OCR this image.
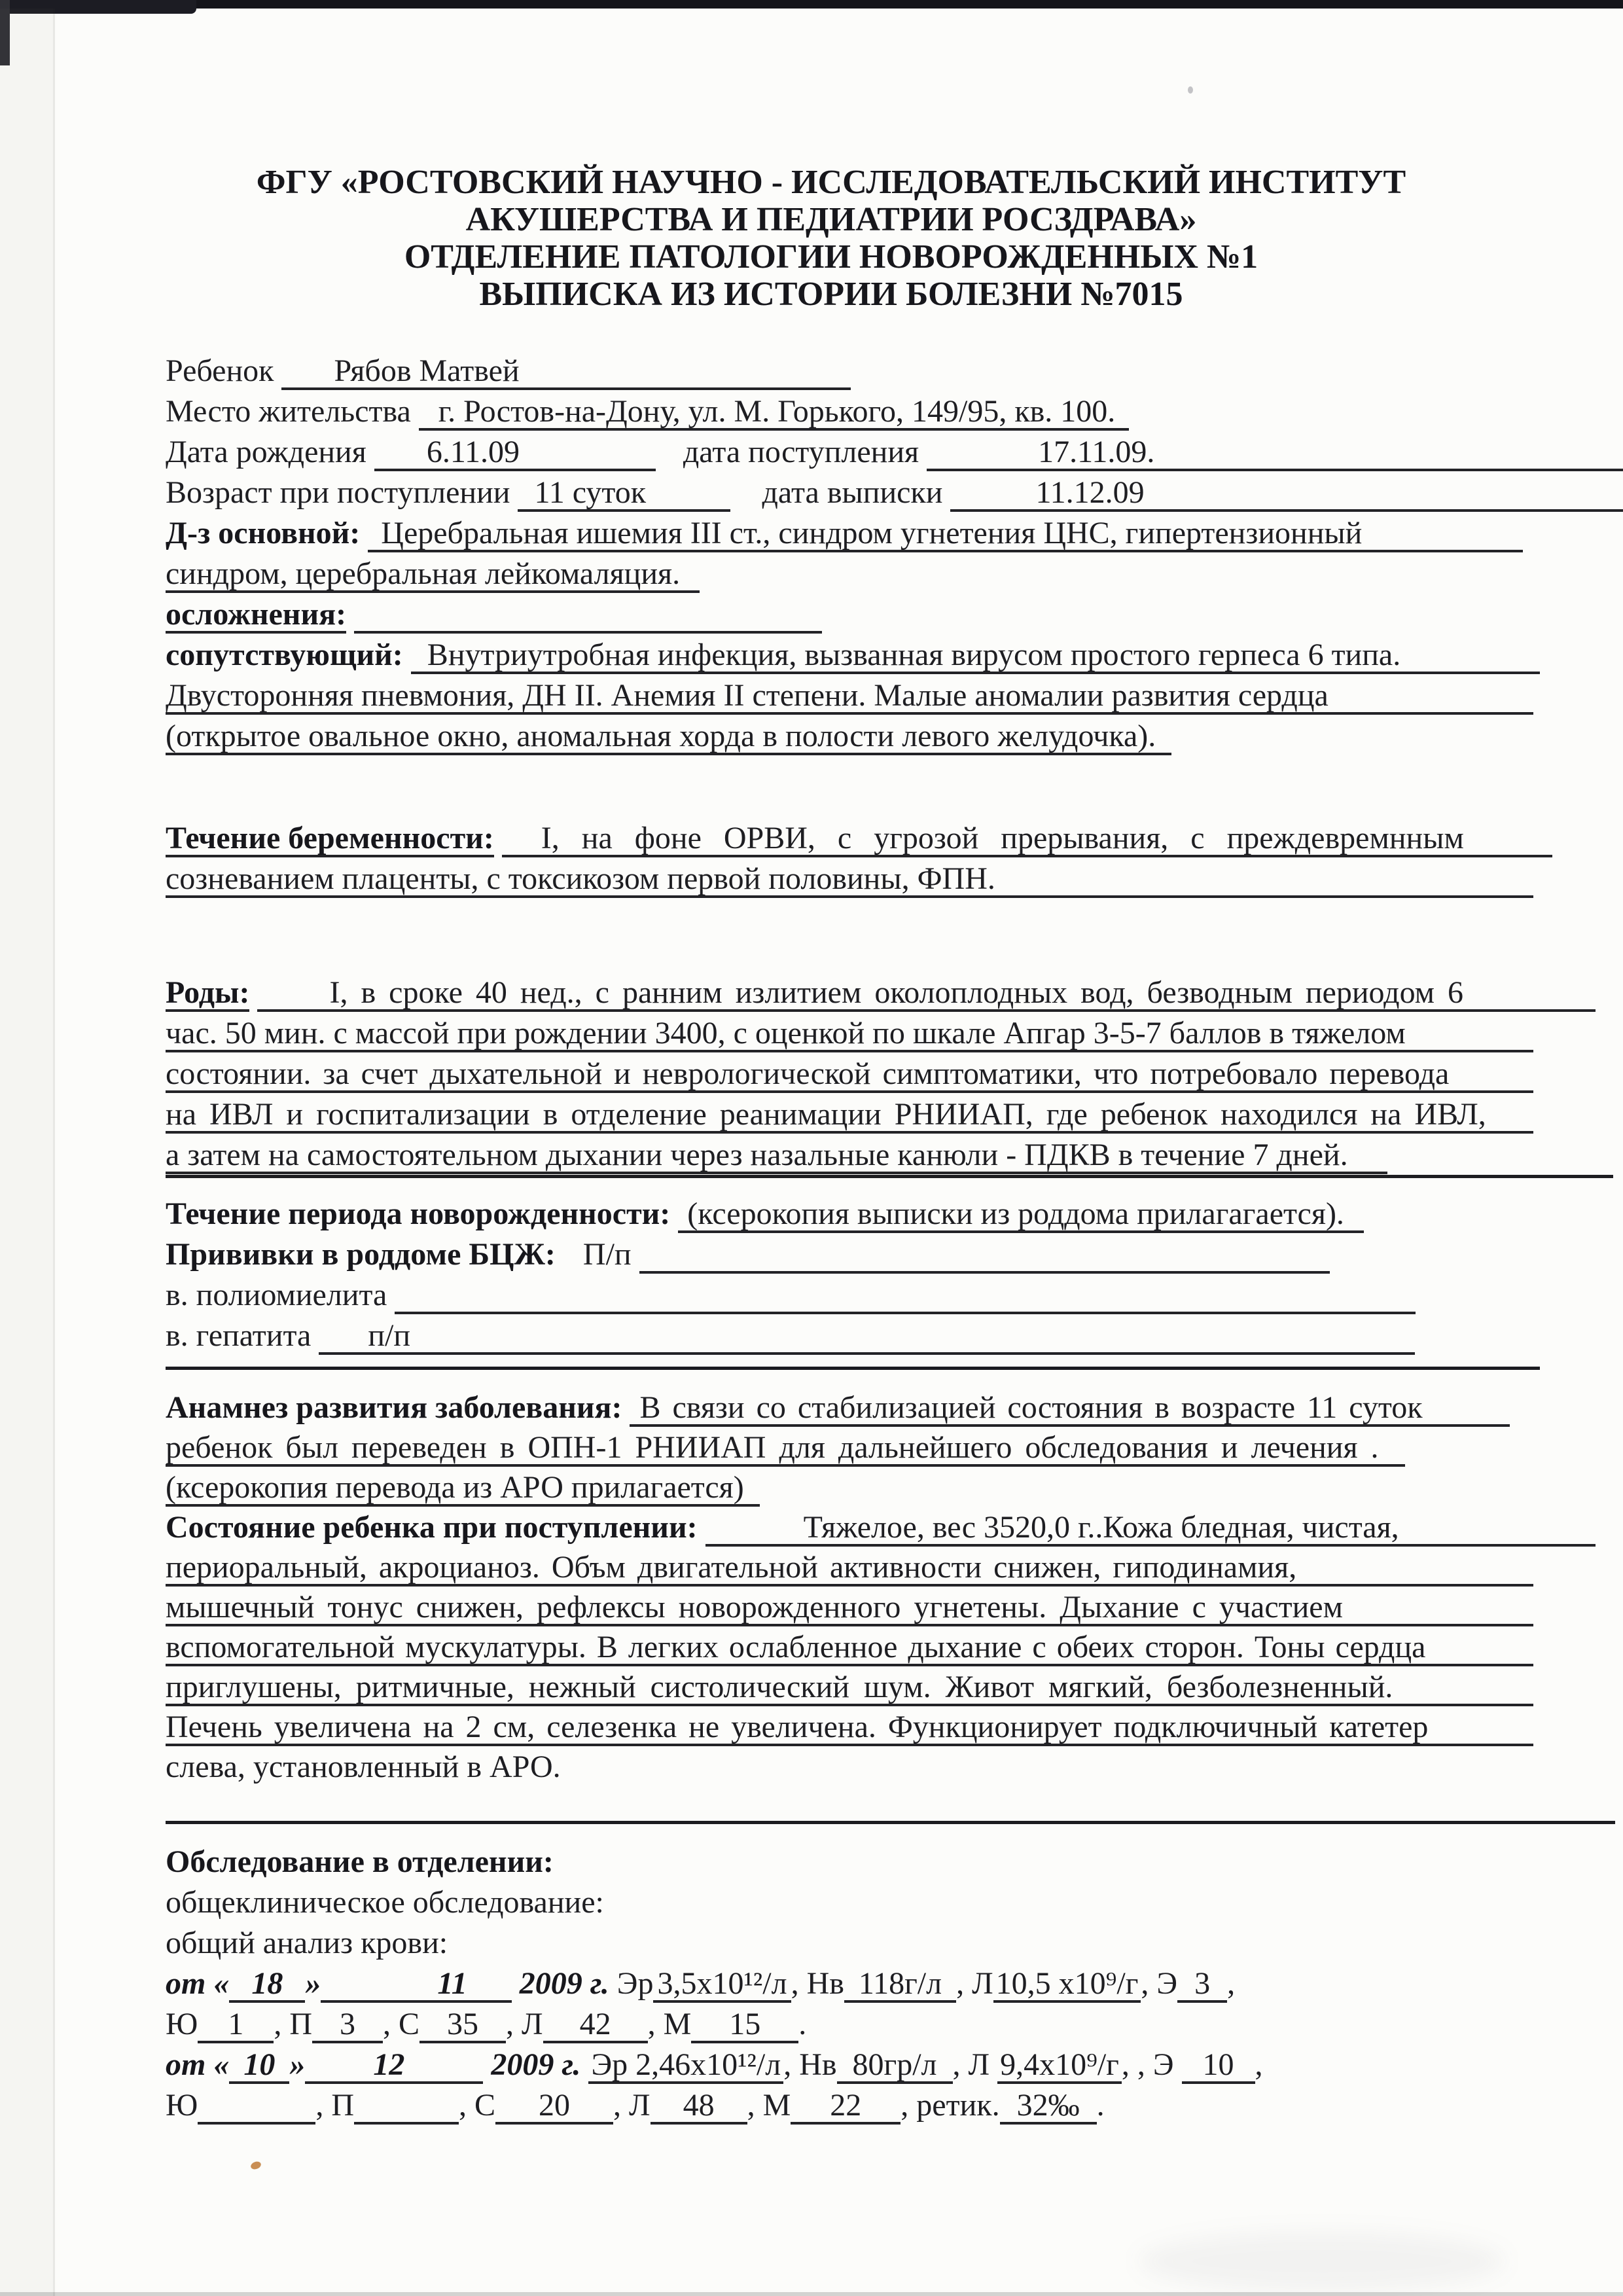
ФГУ «РОСТОВСКИЙ НАУЧНО - ИССЛЕДОВАТЕЛЬСКИЙ ИНСТИТУТ
АКУШЕРСТВА И ПЕДИАТРИИ РОСЗДРАВА»
ОТДЕЛЕНИЕ ПАТОЛОГИИ НОВОРОЖДЕННЫХ №1
ВЫПИСКА ИЗ ИСТОРИИ БОЛЕЗНИ №7015
Ребенок Рябов Матвей
Место жительства г. Ростов-на-Дону, ул. М. Горького, 149/95, кв. 100.
Дата рождения 6.11.09	дата поступления	17.11.09.
Возраст при поступлении 11 суток	дата выписки	11.12.09
Д-з основной: Церебральная ишемия III ст., синдром угнетения ЦНС, гипертензионный
синдром, церебральная лейкомаляция.
осложнения:
сопутствующий: Внутриутробная инфекция, вызванная вирусом простого герпеса 6 типа.
Двусторонняя пневмония, ДН II. Анемия II степени. Малые аномалии развития сердца
(открытое овальное окно, аномальная хорда в полости левого желудочка).
Течение беременности: I, на фоне ОРВИ, с угрозой прерывания, с преждевремнным
созневанием плаценты, с токсикозом первой половины, ФПН.
Роды:	I, в сроке 40 нед., с ранним излитием околоплодных вод, безводным периодом 6
час. 50 мин. с массой при рождении 3400, с оценкой по шкале Апгар 3-5-7 баллов в тяжелом
состоянии. за счет дыхательной и неврологической симптоматики, что потребовало перевода
на ИВЛ и госпитализации в отделение реанимации РНИИАП, где ребенок находился на ИВЛ,
а затем на самостоятельном дыхании через назальные канюли - ПДКВ в течение 7 дней.
Течение периода новорожденности: (ксерокопия выписки из роддома прилагагается).
Прививки в роддоме БЦЖ: П/п
в. полиомиелита
в. гепатита п/п
Анамнез развития заболевания: В связи со стабилизацией состояния в возрасте 11 суток
ребенок был переведен в ОПН-1 РНИИАП для дальнейшего обследования и лечения .
(ксерокопия перевода из АРО прилагается)
Состояние ребенка при поступлении:	Тяжелое, вес 3520,0 г..Кожа бледная, чистая,
периоральный, акроцианоз. Объм двигательной активности снижен, гиподинамия,
мышечный тонус снижен, рефлексы новорожденного угнетены. Дыхание с участием
вспомогательной мускулатуры. В легких ослабленное дыхание с обеих сторон. Тоны сердца
приглушены, ритмичные, нежный систолический шум. Живот мягкий, безболезненный.
Печень увеличена на 2 см, селезенка не увеличена. Функционирует подключичный катетер
слева, установленный в АРО.
Обследование в отделении:
общеклиническое обследование:
общий анализ крови:
от « 18 »	11  2009 г. Эр 3,5x10¹²/л , Нв 118г/л , Л10,5 x10⁹/г, Э 3 ,
Ю 1 , П 3 , С 35 , Л 42 , М 15 .
от « 10 » 12	2009 г. Эр 2,46x10¹²/л, Нв 80гр/л , Л 9,4x10⁹/г, , Э 10 ,
Ю	, П	, С 20 , Л 48 , М 22 , ретик. 32‰ .
